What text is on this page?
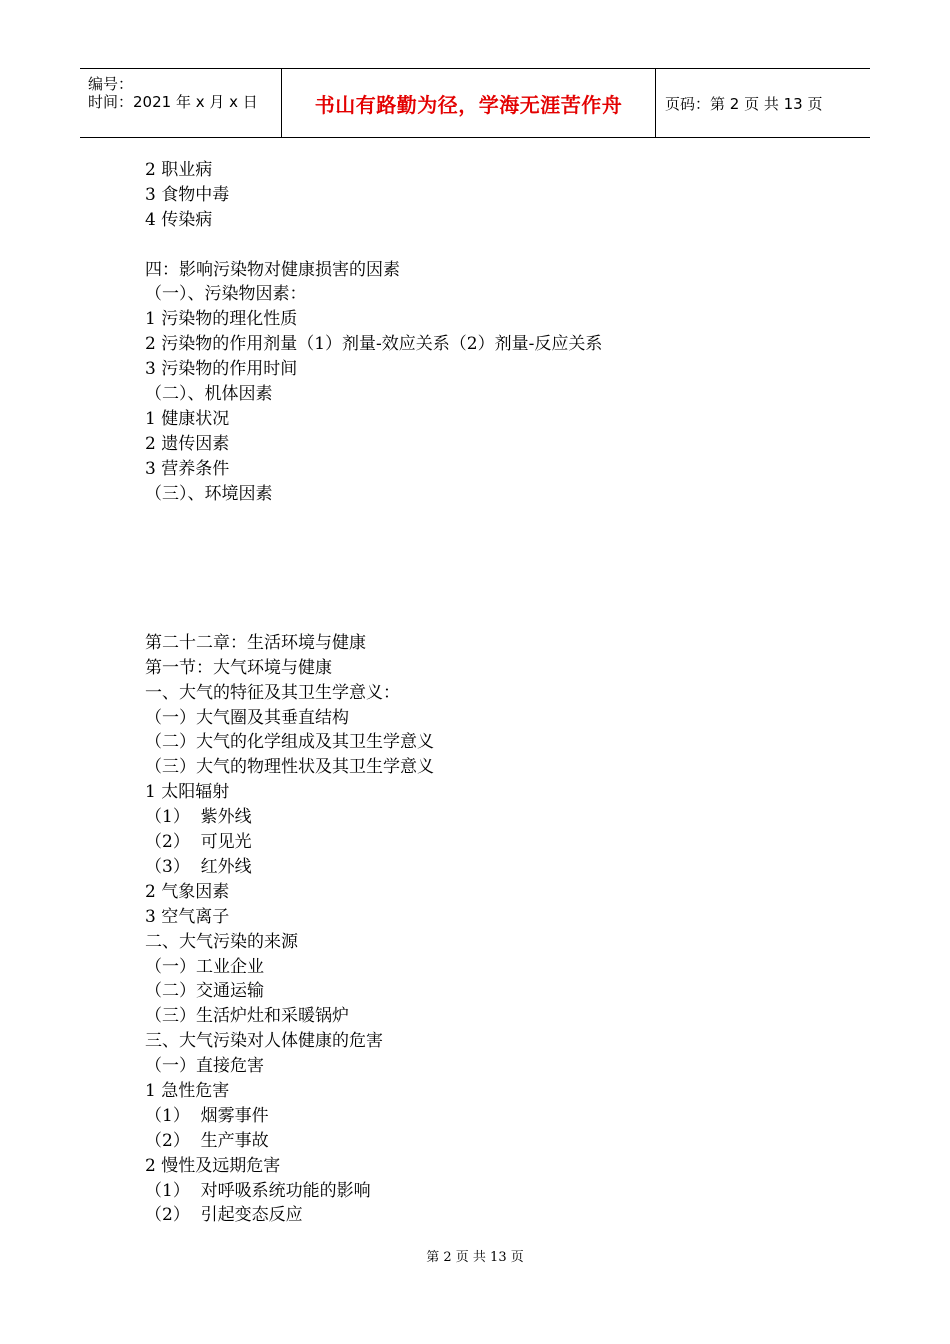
编号：
时间：2021 年 x 月 x 日	书山有路勤为径，学海无涯苦作舟	页码：第 2 页 共 13 页
2 职业病
3 食物中毒
4 传染病
四：影响污染物对健康损害的因素
（一）、污染物因素：
1 污染物的理化性质
2 污染物的作用剂量（1）剂量-效应关系（2）剂量-反应关系
3 污染物的作用时间
（二）、机体因素
1 健康状况
2 遗传因素
3 营养条件
（三）、环境因素
第二十二章：生活环境与健康
第一节：大气环境与健康
一、大气的特征及其卫生学意义：
（一）大气圈及其垂直结构
（二）大气的化学组成及其卫生学意义
（三）大气的物理性状及其卫生学意义
1 太阳辐射
（1）  紫外线
（2）  可见光
（3）  红外线
2 气象因素
3 空气离子
二、大气污染的来源
（一）工业企业
（二）交通运输
（三）生活炉灶和采暖锅炉
三、大气污染对人体健康的危害
（一）直接危害
1 急性危害
（1）  烟雾事件
（2）  生产事故
2 慢性及远期危害
（1）  对呼吸系统功能的影响
（2）  引起变态反应
第 2 页 共 13 页
